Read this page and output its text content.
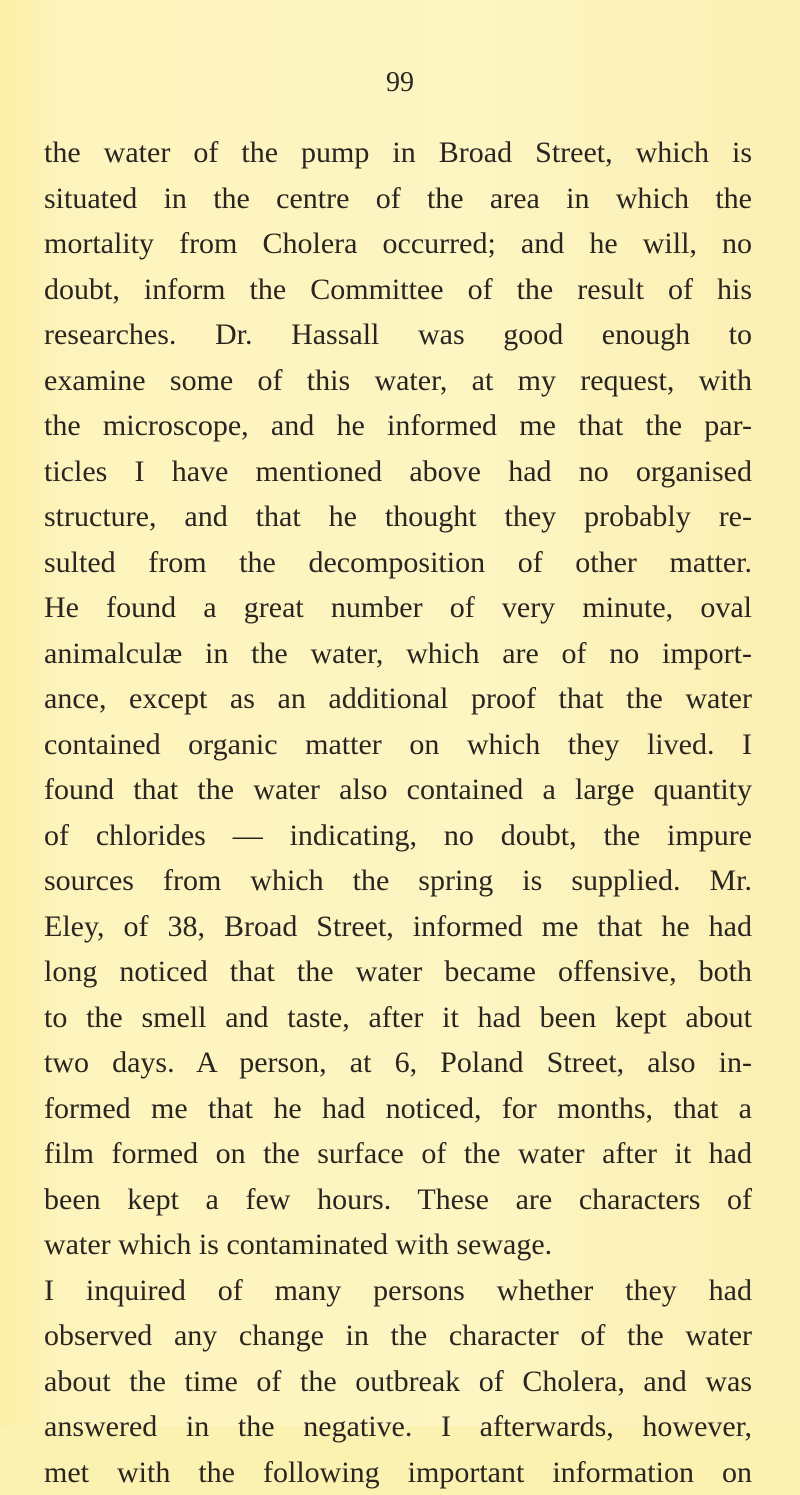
99
the water of the pump in Broad Street, which is
situated in the centre of the area in which the
mortality from Cholera occurred; and he will, no
doubt, inform the Committee of the result of his
researches. Dr. Hassall was good enough to
examine some of this water, at my request, with
the microscope, and he informed me that the par-
ticles I have mentioned above had no organised
structure, and that he thought they probably re-
sulted from the decomposition of other matter.
He found a great number of very minute, oval
animalculæ in the water, which are of no import-
ance, except as an additional proof that the water
contained organic matter on which they lived. I
found that the water also contained a large quantity
of chlorides — indicating, no doubt, the impure
sources from which the spring is supplied. Mr.
Eley, of 38, Broad Street, informed me that he had
long noticed that the water became offensive, both
to the smell and taste, after it had been kept about
two days. A person, at 6, Poland Street, also in-
formed me that he had noticed, for months, that a
film formed on the surface of the water after it had
been kept a few hours. These are characters of
water which is contaminated with sewage.
I inquired of many persons whether they had
observed any change in the character of the water
about the time of the outbreak of Cholera, and was
answered in the negative. I afterwards, however,
met with the following important information on
